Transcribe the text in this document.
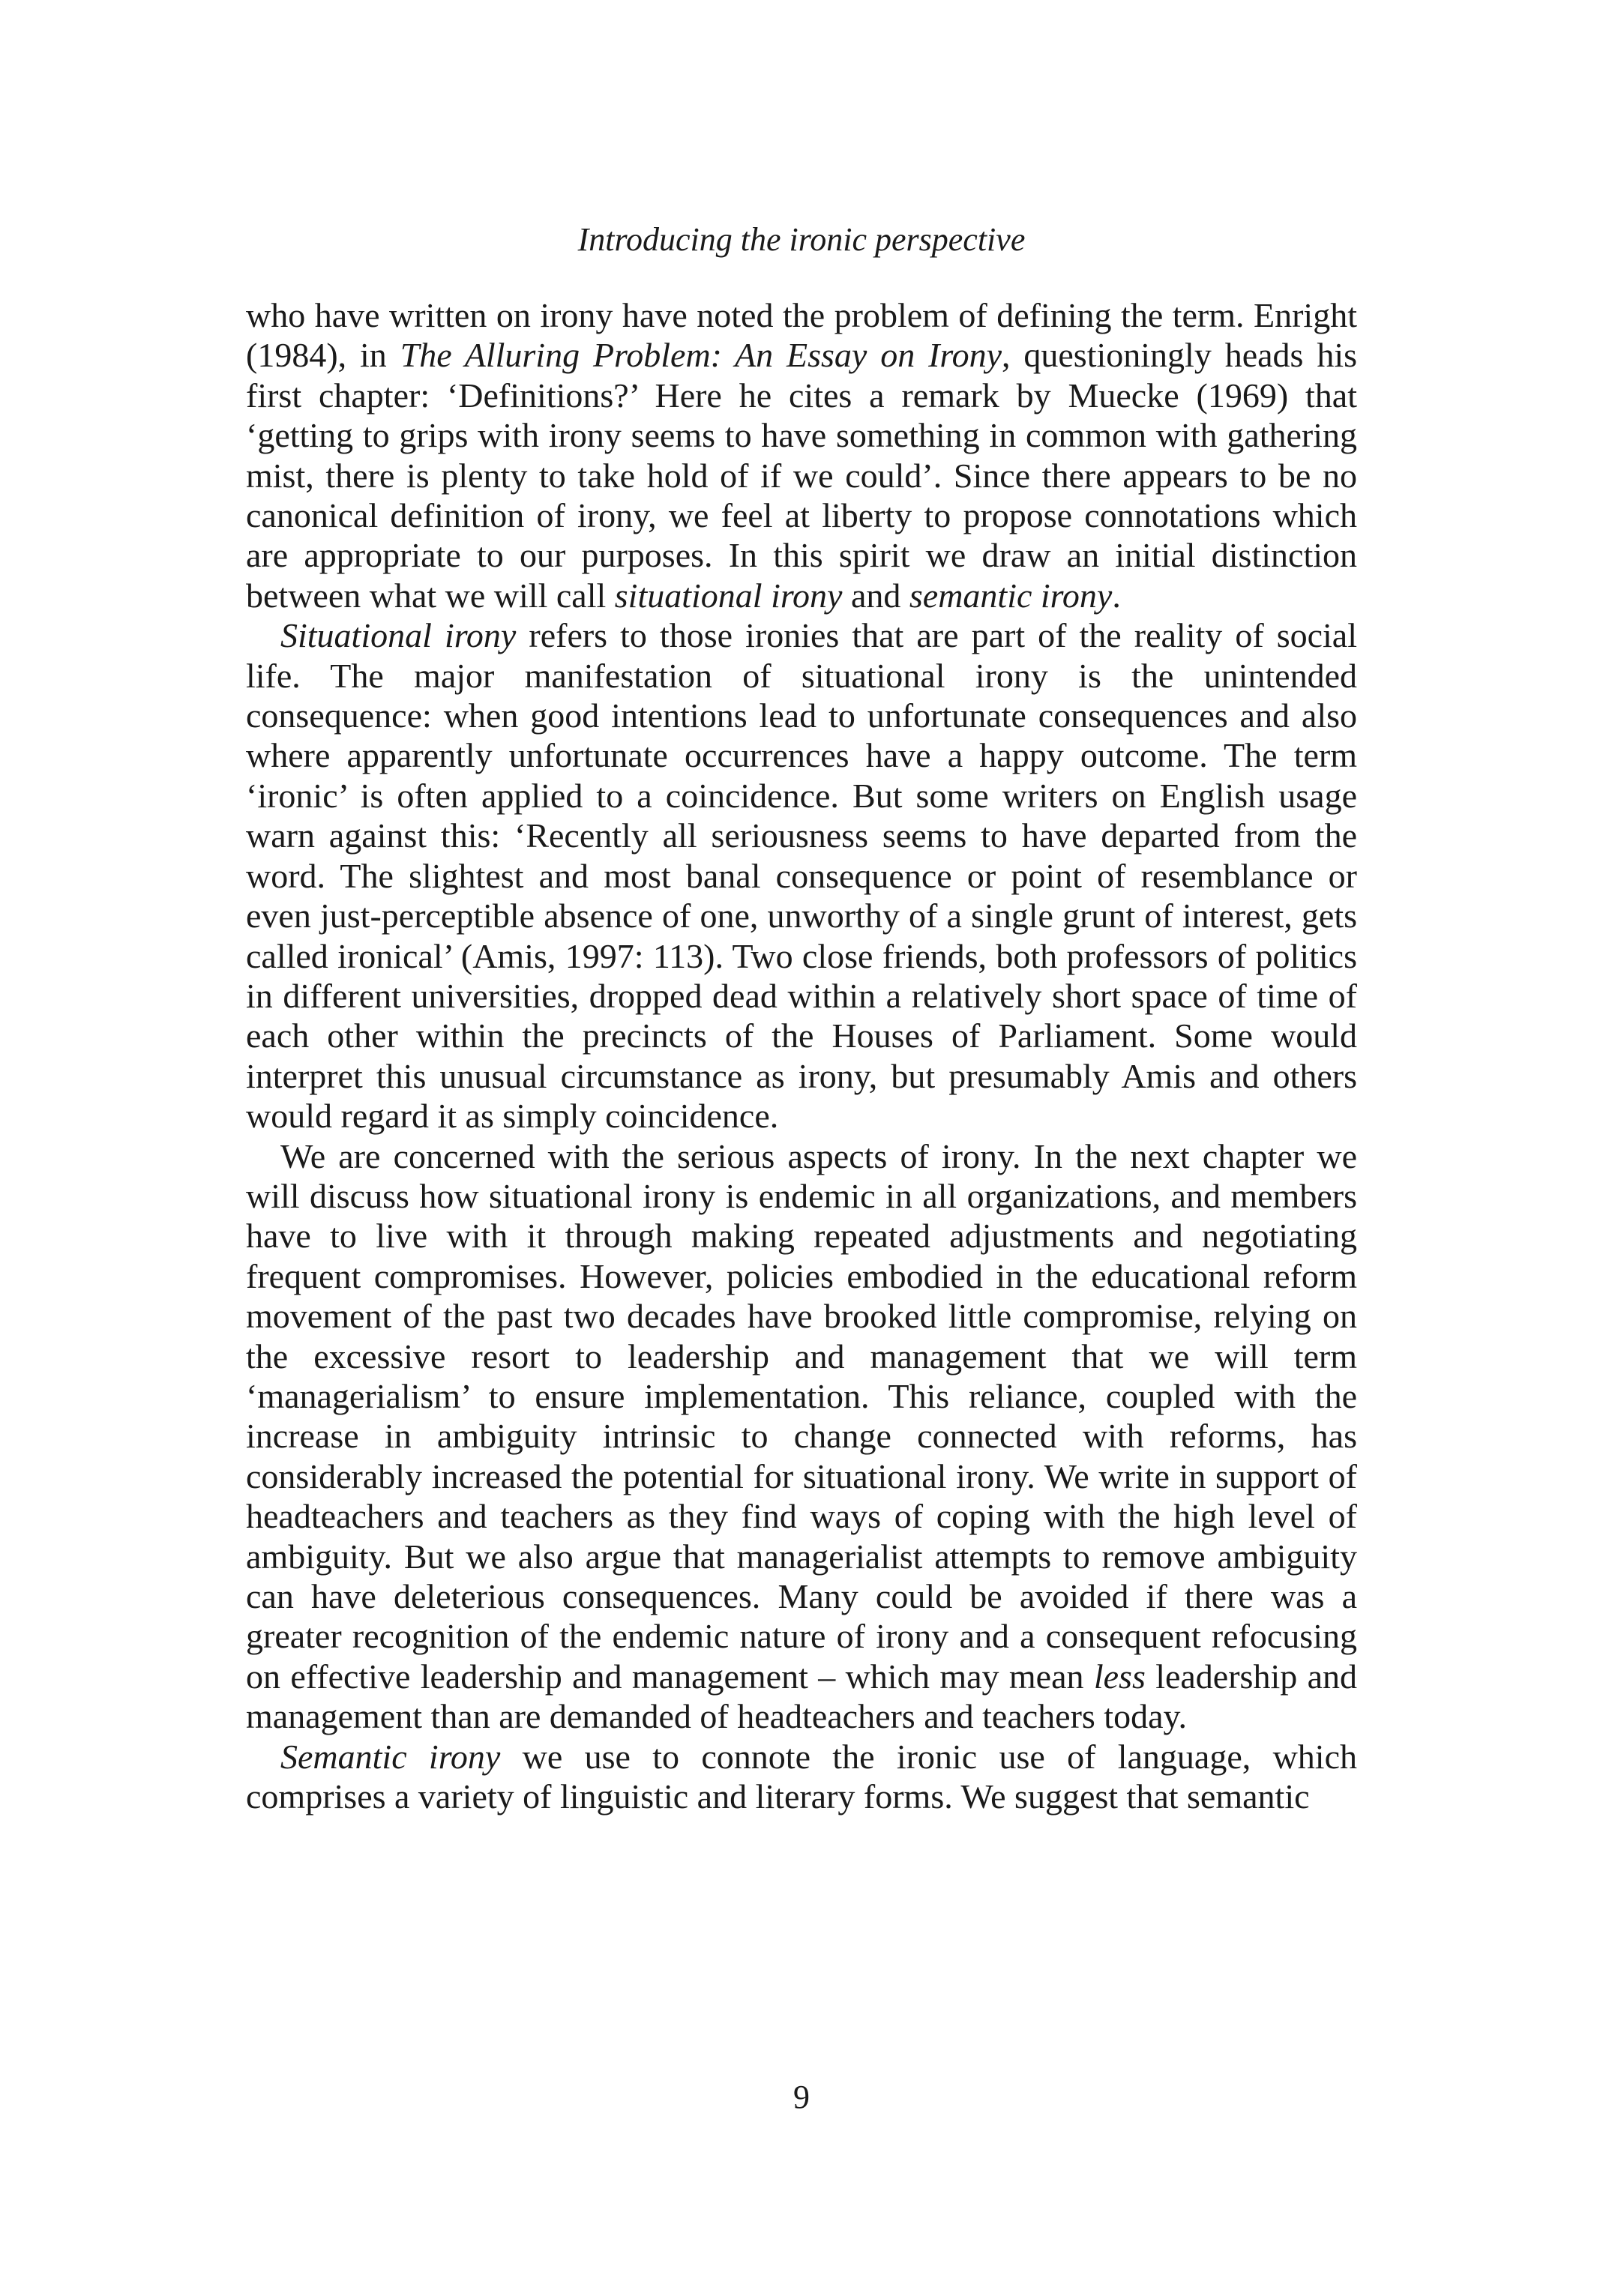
Introducing the ironic perspective

who have written on irony have noted the problem of defining the term. Enright (1984), in The Alluring Problem: An Essay on Irony, questioningly heads his first chapter: ‘Definitions?’ Here he cites a remark by Muecke (1969) that ‘getting to grips with irony seems to have something in common with gathering mist, there is plenty to take hold of if we could’. Since there appears to be no canonical definition of irony, we feel at liberty to propose connotations which are appropriate to our purposes. In this spirit we draw an initial distinction between what we will call situational irony and semantic irony.

Situational irony refers to those ironies that are part of the reality of social life. The major manifestation of situational irony is the unintended consequence: when good intentions lead to unfortunate consequences and also where apparently unfortunate occurrences have a happy outcome. The term ‘ironic’ is often applied to a coincidence. But some writers on English usage warn against this: ‘Recently all seriousness seems to have departed from the word. The slightest and most banal consequence or point of resemblance or even just-perceptible absence of one, unworthy of a single grunt of interest, gets called ironical’ (Amis, 1997: 113). Two close friends, both professors of politics in different universities, dropped dead within a relatively short space of time of each other within the precincts of the Houses of Parliament. Some would interpret this unusual circumstance as irony, but presumably Amis and others would regard it as simply coincidence.

We are concerned with the serious aspects of irony. In the next chapter we will discuss how situational irony is endemic in all organizations, and members have to live with it through making repeated adjustments and negotiating frequent compromises. However, policies embodied in the educational reform movement of the past two decades have brooked little compromise, relying on the excessive resort to leadership and management that we will term ‘managerialism’ to ensure implementation. This reliance, coupled with the increase in ambiguity intrinsic to change connected with reforms, has considerably increased the potential for situational irony. We write in support of headteachers and teachers as they find ways of coping with the high level of ambiguity. But we also argue that managerialist attempts to remove ambiguity can have deleterious consequences. Many could be avoided if there was a greater recognition of the endemic nature of irony and a consequent refocusing on effective leadership and management – which may mean less leadership and management than are demanded of headteachers and teachers today.

Semantic irony we use to connote the ironic use of language, which comprises a variety of linguistic and literary forms. We suggest that semantic

9
